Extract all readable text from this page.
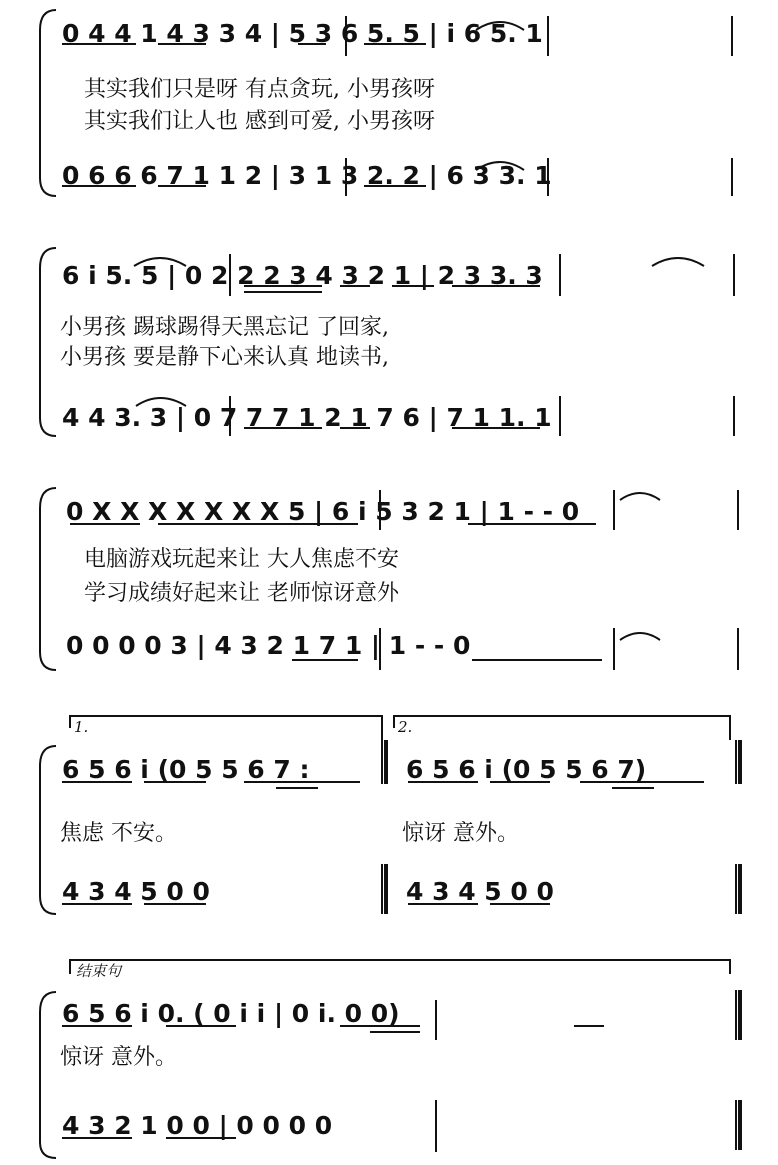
0 4 4 1 4 3 3 4 | 5 3 6 5. 5 | i 6 5. 1
0 6 6 6 7 1 1 2 | 3 1 3 2. 2 | 6 3 3. 1
6 i 5. 5 | 0 2 2 2 3 4 3 2 1 | 2 3 3. 3
4 4 3. 3 | 0 7 7 7 1 2 1 7 6 | 7 1 1. 1
0 X X X X X X X 5 | 6 i 5 3 2 1 | 1 - - 0
0 0 0 0 3 | 4 3 2 1 7 1 | 1 - - 0
6 5 6 i (0 5 5 6 7 :	6 5 6 i (0 5 5 6 7)
4 3 4 5 0 0	4 3 4 5 0 0
6 5 6 i 0. ( 0 i i | 0 i. 0 0)
4 3 2 1 0 0 | 0 0 0 0
其实我们只是呀 有点贪玩, 小男孩呀
其实我们让人也 感到可爱, 小男孩呀
小男孩 踢球踢得天黑忘记 了回家,
小男孩 要是静下心来认真 地读书,
电脑游戏玩起来让 大人焦虑不安
学习成绩好起来让 老师惊讶意外
焦虑 不安。	惊讶 意外。
惊讶 意外。
1.	2.
结束句
